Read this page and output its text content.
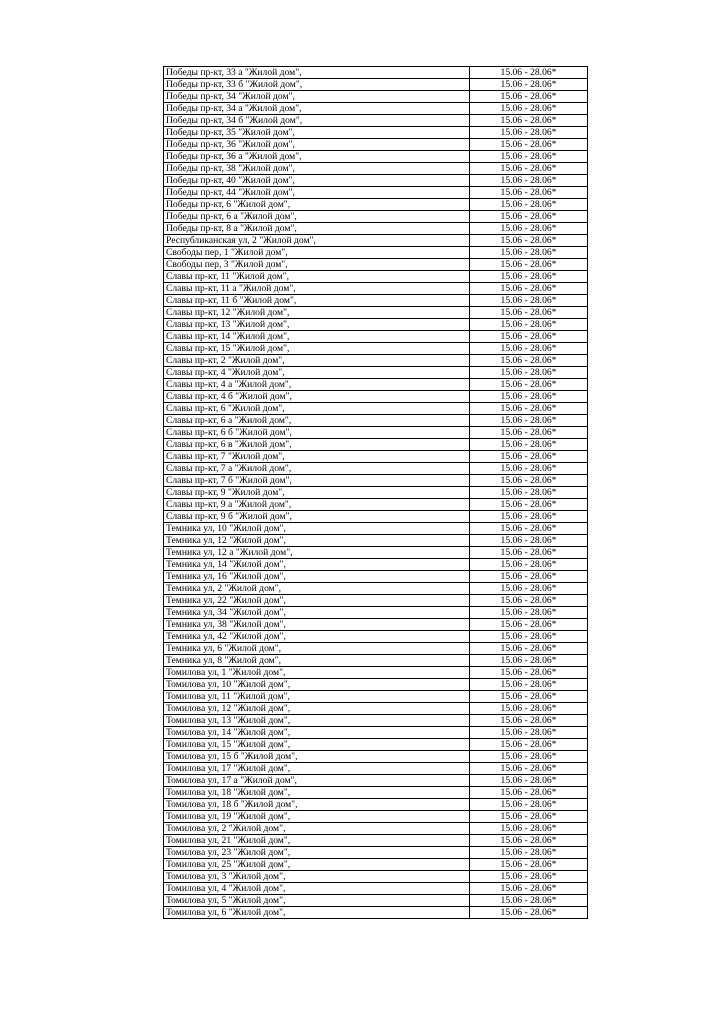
Победы пр-кт, 33 а "Жилой дом",	15.06 - 28.06*
Победы пр-кт, 33 б "Жилой дом",	15.06 - 28.06*
Победы пр-кт, 34 "Жилой дом",	15.06 - 28.06*
Победы пр-кт, 34 а "Жилой дом",	15.06 - 28.06*
Победы пр-кт, 34 б "Жилой дом",	15.06 - 28.06*
Победы пр-кт, 35 "Жилой дом",	15.06 - 28.06*
Победы пр-кт, 36 "Жилой дом",	15.06 - 28.06*
Победы пр-кт, 36 а "Жилой дом",	15.06 - 28.06*
Победы пр-кт, 38 "Жилой дом",	15.06 - 28.06*
Победы пр-кт, 40 "Жилой дом",	15.06 - 28.06*
Победы пр-кт, 44 "Жилой дом",	15.06 - 28.06*
Победы пр-кт, 6 "Жилой дом",	15.06 - 28.06*
Победы пр-кт, 6 а "Жилой дом",	15.06 - 28.06*
Победы пр-кт, 8 а "Жилой дом",	15.06 - 28.06*
Республиканская ул, 2 "Жилой дом",	15.06 - 28.06*
Свободы пер, 1 "Жилой дом",	15.06 - 28.06*
Свободы пер, 3 "Жилой дом",	15.06 - 28.06*
Славы пр-кт, 11 "Жилой дом",	15.06 - 28.06*
Славы пр-кт, 11 а "Жилой дом",	15.06 - 28.06*
Славы пр-кт, 11 б "Жилой дом",	15.06 - 28.06*
Славы пр-кт, 12 "Жилой дом",	15.06 - 28.06*
Славы пр-кт, 13 "Жилой дом",	15.06 - 28.06*
Славы пр-кт, 14 "Жилой дом",	15.06 - 28.06*
Славы пр-кт, 15 "Жилой дом",	15.06 - 28.06*
Славы пр-кт, 2 "Жилой дом",	15.06 - 28.06*
Славы пр-кт, 4 "Жилой дом",	15.06 - 28.06*
Славы пр-кт, 4 а "Жилой дом",	15.06 - 28.06*
Славы пр-кт, 4 б "Жилой дом",	15.06 - 28.06*
Славы пр-кт, 6 "Жилой дом",	15.06 - 28.06*
Славы пр-кт, 6 а "Жилой дом",	15.06 - 28.06*
Славы пр-кт, 6 б "Жилой дом",	15.06 - 28.06*
Славы пр-кт, 6 в "Жилой дом",	15.06 - 28.06*
Славы пр-кт, 7 "Жилой дом",	15.06 - 28.06*
Славы пр-кт, 7 а "Жилой дом",	15.06 - 28.06*
Славы пр-кт, 7 б "Жилой дом",	15.06 - 28.06*
Славы пр-кт, 9 "Жилой дом",	15.06 - 28.06*
Славы пр-кт, 9 а "Жилой дом",	15.06 - 28.06*
Славы пр-кт, 9 б "Жилой дом",	15.06 - 28.06*
Темника ул, 10 "Жилой дом",	15.06 - 28.06*
Темника ул, 12 "Жилой дом",	15.06 - 28.06*
Темника ул, 12 а "Жилой дом",	15.06 - 28.06*
Темника ул, 14 "Жилой дом",	15.06 - 28.06*
Темника ул, 16 "Жилой дом",	15.06 - 28.06*
Темника ул, 2 "Жилой дом",	15.06 - 28.06*
Темника ул, 22 "Жилой дом",	15.06 - 28.06*
Темника ул, 34 "Жилой дом",	15.06 - 28.06*
Темника ул, 38 "Жилой дом",	15.06 - 28.06*
Темника ул, 42 "Жилой дом",	15.06 - 28.06*
Темника ул, 6 "Жилой дом",	15.06 - 28.06*
Темника ул, 8 "Жилой дом",	15.06 - 28.06*
Томилова ул, 1 "Жилой дом",	15.06 - 28.06*
Томилова ул, 10 "Жилой дом",	15.06 - 28.06*
Томилова ул, 11 "Жилой дом",	15.06 - 28.06*
Томилова ул, 12 "Жилой дом",	15.06 - 28.06*
Томилова ул, 13 "Жилой дом",	15.06 - 28.06*
Томилова ул, 14 "Жилой дом",	15.06 - 28.06*
Томилова ул, 15 "Жилой дом",	15.06 - 28.06*
Томилова ул, 15 б "Жилой дом",	15.06 - 28.06*
Томилова ул, 17 "Жилой дом",	15.06 - 28.06*
Томилова ул, 17 а "Жилой дом",	15.06 - 28.06*
Томилова ул, 18 "Жилой дом",	15.06 - 28.06*
Томилова ул, 18 б "Жилой дом",	15.06 - 28.06*
Томилова ул, 19 "Жилой дом",	15.06 - 28.06*
Томилова ул, 2 "Жилой дом",	15.06 - 28.06*
Томилова ул, 21 "Жилой дом",	15.06 - 28.06*
Томилова ул, 23 "Жилой дом",	15.06 - 28.06*
Томилова ул, 25 "Жилой дом",	15.06 - 28.06*
Томилова ул, 3 "Жилой дом",	15.06 - 28.06*
Томилова ул, 4 "Жилой дом",	15.06 - 28.06*
Томилова ул, 5 "Жилой дом",	15.06 - 28.06*
Томилова ул, 6 "Жилой дом",	15.06 - 28.06*
